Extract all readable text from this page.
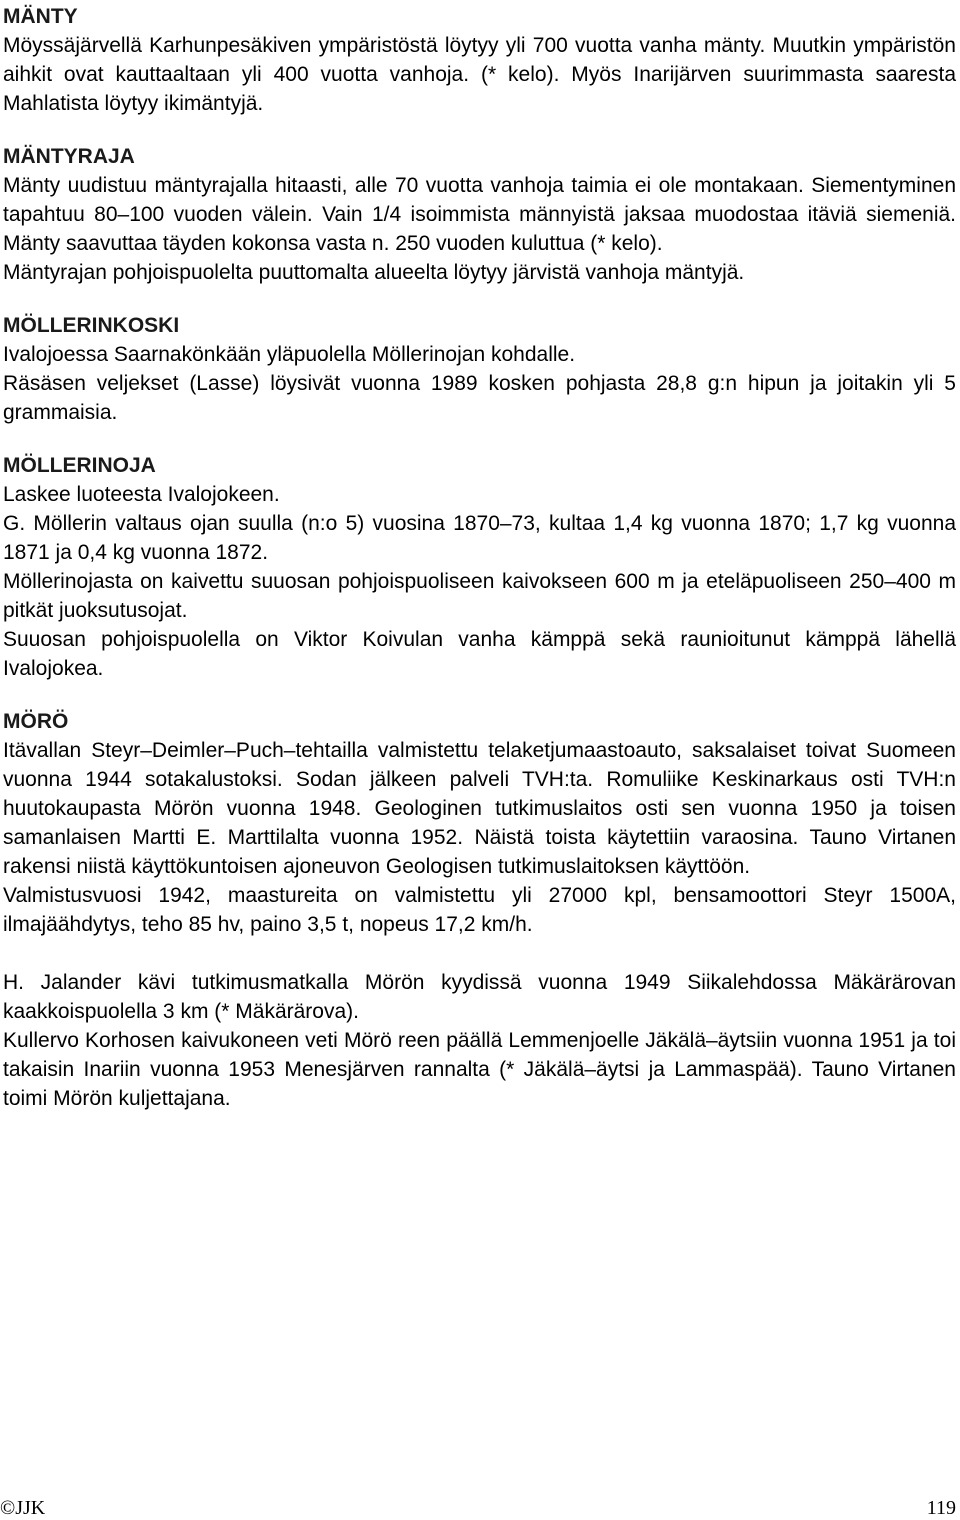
MÄNTY

Möyssäjärvellä Karhunpesäkiven ympäristöstä löytyy yli 700 vuotta vanha mänty. Muutkin ympäristön aihkit ovat kauttaaltaan yli 400 vuotta vanhoja. (* kelo). Myös Inarijärven suurimmasta saaresta Mahlatista löytyy ikimäntyjä.

MÄNTYRAJA

Mänty uudistuu mäntyrajalla hitaasti, alle 70 vuotta vanhoja taimia ei ole montakaan. Siementyminen tapahtuu 80–100 vuoden välein. Vain 1/4 isoimmista männyistä jaksaa muodostaa itäviä siemeniä. Mänty saavuttaa täyden kokonsa vasta n. 250 vuoden kuluttua (* kelo).

Mäntyrajan pohjoispuolelta puuttomalta alueelta löytyy järvistä vanhoja mäntyjä.

MÖLLERINKOSKI

Ivalojoessa Saarnakönkään yläpuolella Möllerinojan kohdalle.

Räsäsen veljekset (Lasse) löysivät vuonna 1989 kosken pohjasta 28,8 g:n hipun ja joitakin yli 5 grammaisia.

MÖLLERINOJA

Laskee luoteesta Ivalojokeen.

G. Möllerin valtaus ojan suulla (n:o 5) vuosina 1870–73, kultaa 1,4 kg vuonna 1870; 1,7 kg vuonna 1871 ja 0,4 kg vuonna 1872.

Möllerinojasta on kaivettu suuosan pohjoispuoliseen kaivokseen 600 m ja eteläpuoliseen 250–400 m pitkät juoksutusojat.

Suuosan pohjoispuolella on Viktor Koivulan vanha kämppä sekä raunioitunut kämppä lähellä Ivalojokea.

MÖRÖ

Itävallan Steyr–Deimler–Puch–tehtailla valmistettu telaketjumaastoauto, saksalaiset toivat Suomeen vuonna 1944 sotakalustoksi. Sodan jälkeen palveli TVH:ta. Romuliike Keskinarkaus osti TVH:n huutokaupasta Mörön vuonna 1948. Geologinen tutkimuslaitos osti sen vuonna 1950 ja toisen samanlaisen Martti E. Marttilalta vuonna 1952. Näistä toista käytettiin varaosina. Tauno Virtanen rakensi niistä käyttökuntoisen ajoneuvon Geologisen tutkimuslaitoksen käyttöön.

Valmistusvuosi 1942, maastureita on valmistettu yli 27000 kpl, bensamoottori Steyr 1500A, ilmajäähdytys, teho 85 hv, paino 3,5 t, nopeus 17,2 km/h.

H. Jalander kävi tutkimusmatkalla Mörön kyydissä vuonna 1949 Siikalehdossa Mäkärärovan kaakkoispuolella 3 km (* Mäkärärova).

Kullervo Korhosen kaivukoneen veti Mörö reen päällä Lemmenjoelle Jäkälä–äytsiin vuonna 1951 ja toi takaisin Inariin vuonna 1953 Menesjärven rannalta (* Jäkälä–äytsi ja Lammaspää). Tauno Virtanen toimi Mörön kuljettajana.

©JJK	119
